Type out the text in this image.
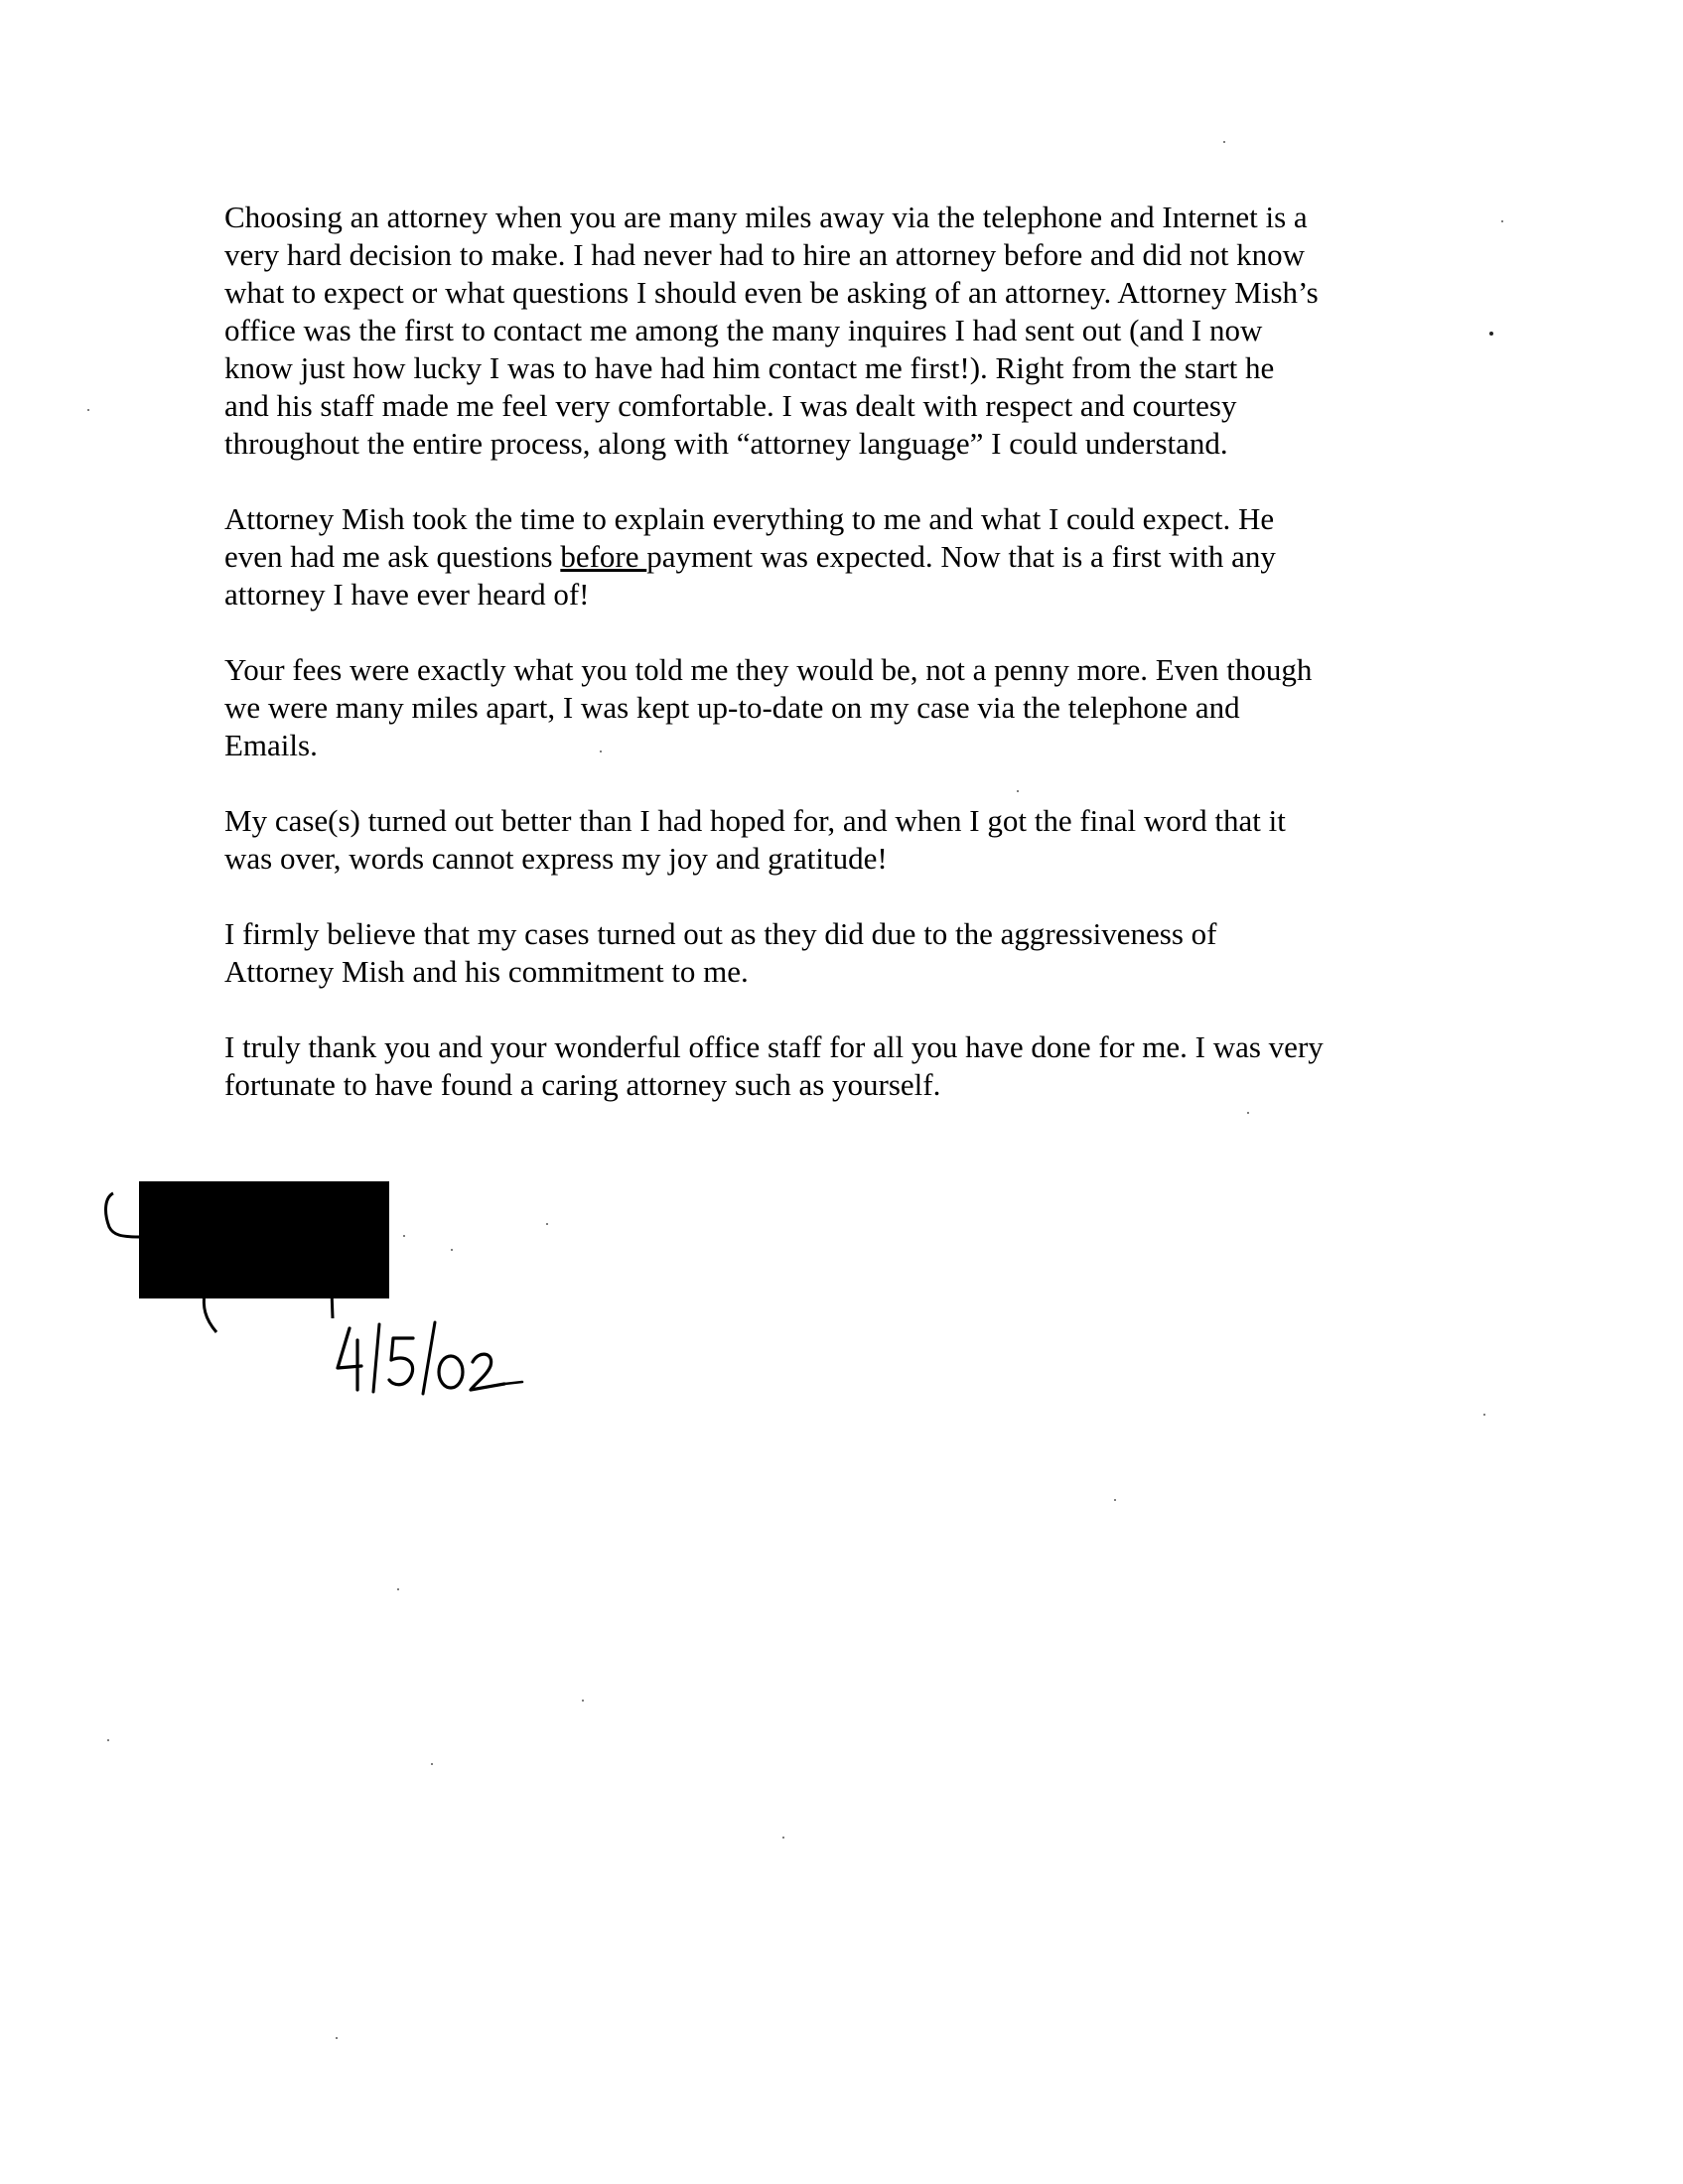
Choosing an attorney when you are many miles away via the telephone and Internet is a
very hard decision to make. I had never had to hire an attorney before and did not know
what to expect or what questions I should even be asking of an attorney. Attorney Mish’s
office was the first to contact me among the many inquires I had sent out (and I now
know just how lucky I was to have had him contact me first!). Right from the start he
and his staff made me feel very comfortable. I was dealt with respect and courtesy
throughout the entire process, along with “attorney language” I could understand.

Attorney Mish took the time to explain everything to me and what I could expect. He
even had me ask questions before payment was expected. Now that is a first with any
attorney I have ever heard of!

Your fees were exactly what you told me they would be, not a penny more. Even though
we were many miles apart, I was kept up-to-date on my case via the telephone and
Emails.

My case(s) turned out better than I had hoped for, and when I got the final word that it
was over, words cannot express my joy and gratitude!

I firmly believe that my cases turned out as they did due to the aggressiveness of
Attorney Mish and his commitment to me.

I truly thank you and your wonderful office staff for all you have done for me. I was very
fortunate to have found a caring attorney such as yourself.
